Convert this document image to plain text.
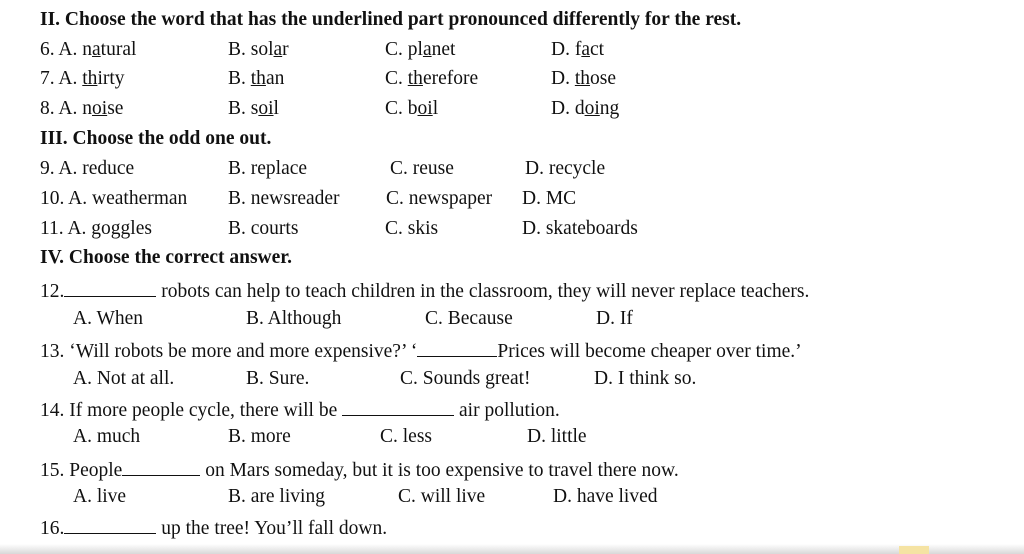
II. Choose the word that has the underlined part pronounced differently for the rest.
6. A. natural	B. solar	C. planet	D. fact
7. A. thirty	B. than	C. therefore	D. those
8. A. noise	B. soil	C. boil	D. doing
III. Choose the odd one out.
9. A. reduce	B. replace	C. reuse	D. recycle
10. A. weatherman B. newsreader C. newspaper D. MC
11. A. goggles	B. courts	C. skis	D. skateboards
IV. Choose the correct answer.
12.	robots can help to teach children in the classroom, they will never replace teachers.
A. When	B. Although	C. Because	D. If
13. ‘Will robots be more and more expensive?’ ‘	Prices will become cheaper over time.’
A. Not at all.	B. Sure.	C. Sounds great!	D. I think so.
14. If more people cycle, there will be	air pollution.
A. much	B. more	C. less	D. little
15. People	on Mars someday, but it is too expensive to travel there now.
A. live	B. are living	C. will live	D. have lived
16.	up the tree! You’ll fall down.
